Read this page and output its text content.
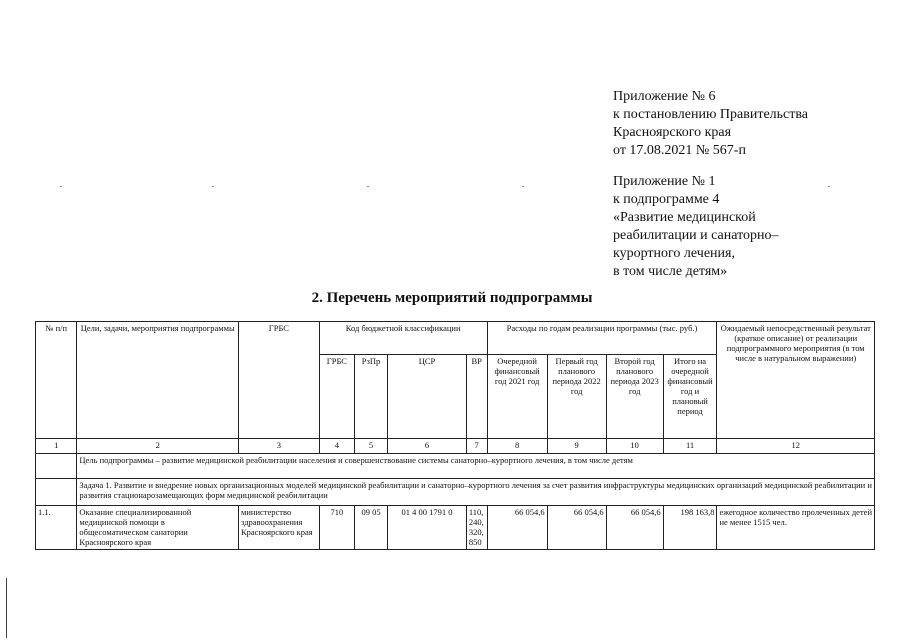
Приложение № 6
к постановлению Правительства
Красноярского края
от 17.08.2021 № 567-п
Приложение № 1
к подпрограмме 4
«Развитие медицинской
реабилитации и санаторно–
курортного лечения,
в том числе детям»
2. Перечень мероприятий подпрограммы
№ п/п	Цели, задачи, мероприятия подпрограммы	ГРБС	Код бюджетной классификации				Расходы по годам реализации программы (тыс. руб.)				Ожидаемый непосредственный результат (краткое описание) от реализации подпрограммного мероприятия (в том числе в натуральном выражении)
			ГРБС	РзПр	ЦСР	ВР	Очередной финансовый год 2021 год	Первый год планового периода 2022 год	Второй год планового периода 2023 год	Итого на очередной финансовый год и плановый период	
1	2	3	4	5	6	7	8	9	10	11	12
	Цель подпрограммы – развитие медицинской реабилитации населения и совершенствование системы санаторно–курортного лечения, в том числе детям										
	Задача 1. Развитие и внедрение новых организационных моделей медицинской реабилитации и санаторно–курортного лечения за счет развития инфраструктуры медицинских организаций медицинской реабилитации и развития стационарозамещающих форм медицинской реабилитации										
1.1.	Оказание специализированной медицинской помощи в общесоматическом санатории Красноярского края	министерство здравоохранения Красноярского края	710	09 05	01 4 00 1791 0	110, 240, 320, 850	66 054,6	66 054,6	66 054,6	198 163,8	ежегодное количество пролеченных детей не менее 1515 чел.
